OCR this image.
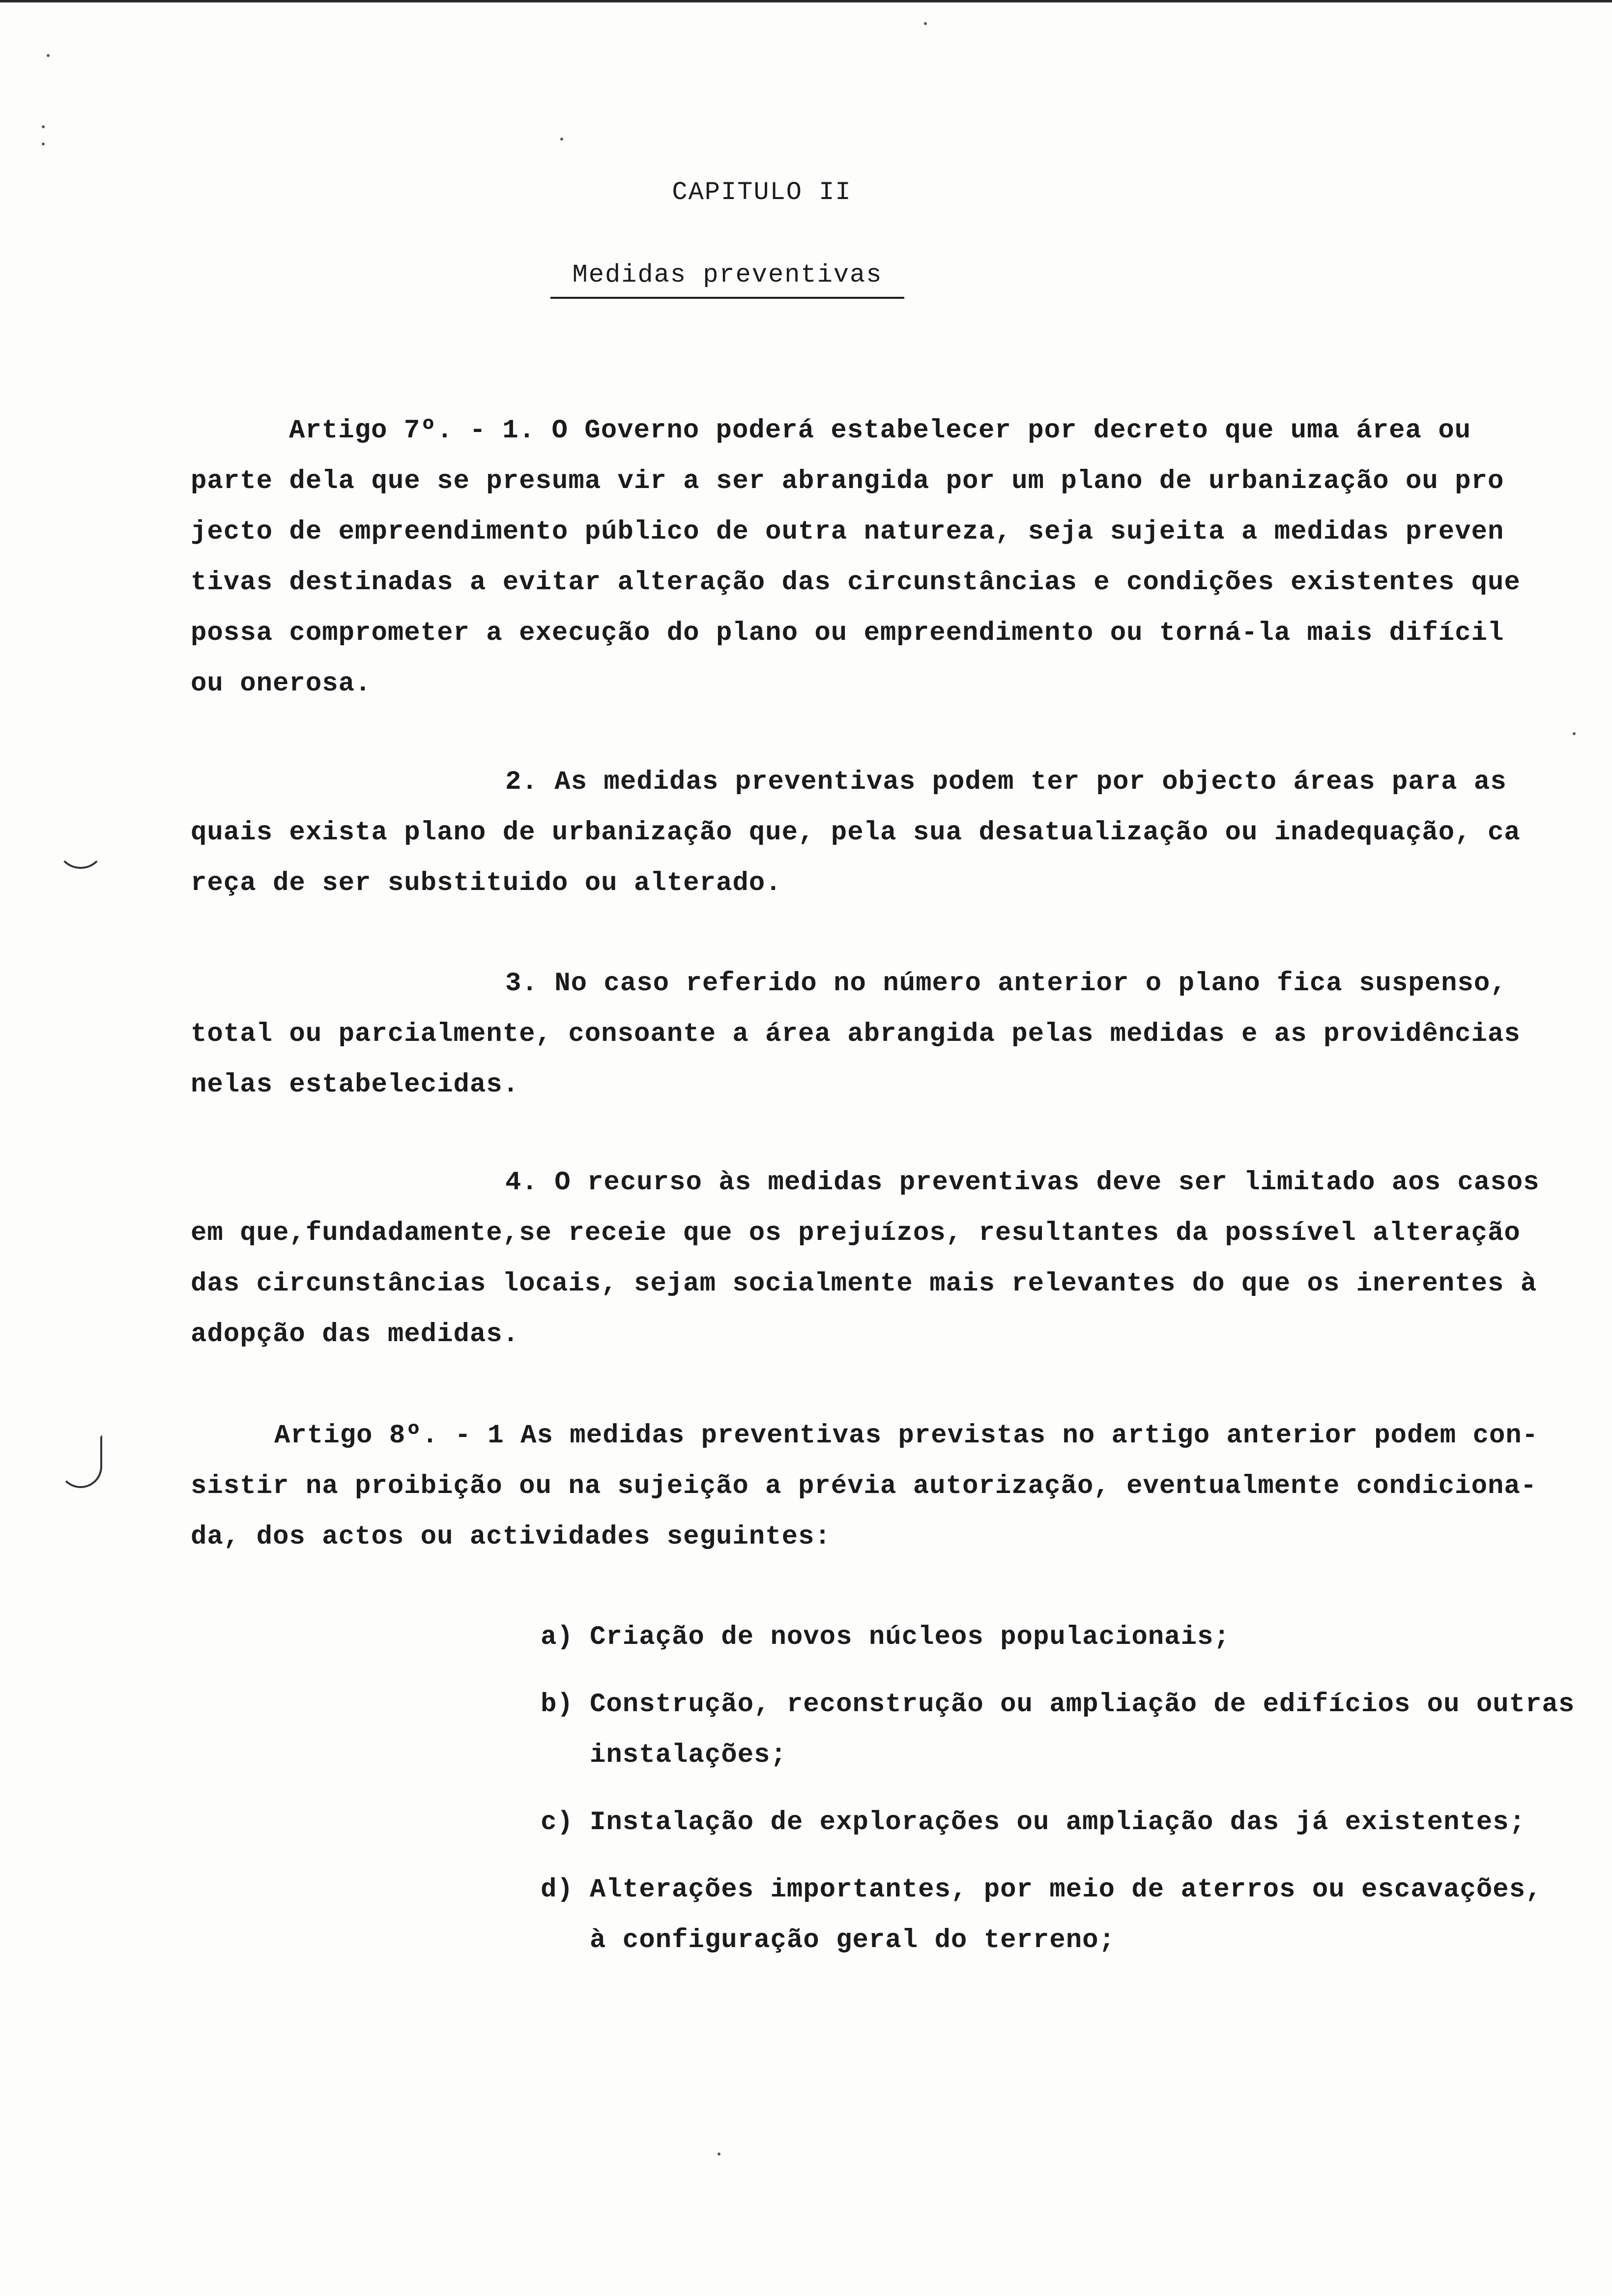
CAPITULO II
Medidas preventivas
Artigo 7º. - 1. O Governo poderá estabelecer por decreto que uma área ou
parte dela que se presuma vir a ser abrangida por um plano de urbanização ou pro
jecto de empreendimento público de outra natureza, seja sujeita a medidas preven
tivas destinadas a evitar alteração das circunstâncias e condições existentes que
possa comprometer a execução do plano ou empreendimento ou torná-la mais difícil
ou onerosa.
2. As medidas preventivas podem ter por objecto áreas para as
quais exista plano de urbanização que, pela sua desatualização ou inadequação, ca
reça de ser substituido ou alterado.
3. No caso referido no número anterior o plano fica suspenso,
total ou parcialmente, consoante a área abrangida pelas medidas e as providências
nelas estabelecidas.
4. O recurso às medidas preventivas deve ser limitado aos casos
em que,fundadamente,se receie que os prejuízos, resultantes da possível alteração
das circunstâncias locais, sejam socialmente mais relevantes do que os inerentes à
adopção das medidas.
Artigo 8º. - 1 As medidas preventivas previstas no artigo anterior podem con-
sistir na proibição ou na sujeição a prévia autorização, eventualmente condiciona-
da, dos actos ou actividades seguintes:
a) Criação de novos núcleos populacionais;
b) Construção, reconstrução ou ampliação de edifícios ou outras
instalações;
c) Instalação de explorações ou ampliação das já existentes;
d) Alterações importantes, por meio de aterros ou escavações,
à configuração geral do terreno;
